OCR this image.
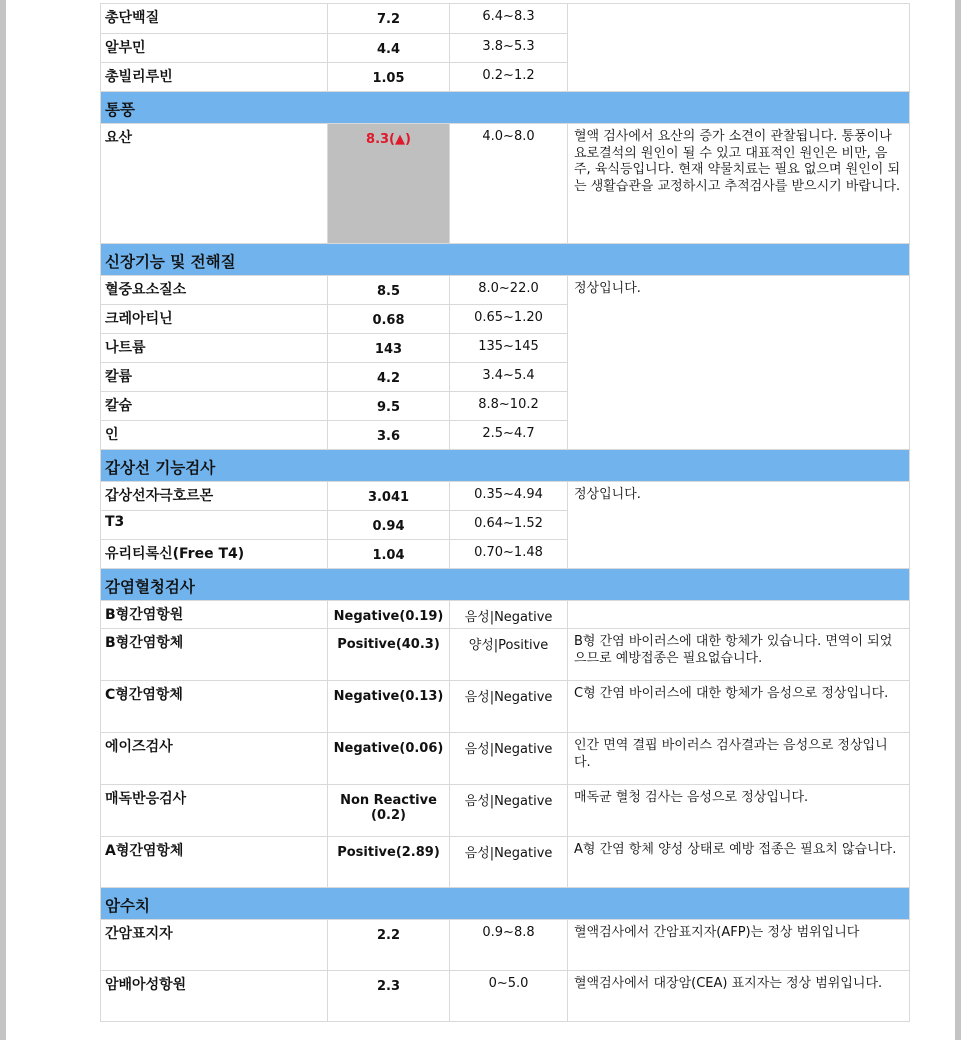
총단백질	7.2	6.4~8.3	
알부민	4.4	3.8~5.3	
총빌리루빈	1.05	0.2~1.2	
통풍			
요산	8.3(▲)	4.0~8.0	혈액 검사에서 요산의 증가 소견이 관찰됩니다. 통풍이나 요로결석의 원인이 될 수 있고 대표적인 원인은 비만, 음주, 육식등입니다. 현재 약물치료는 필요 없으며 원인이 되는 생활습관을 교정하시고 추적검사를 받으시기 바랍니다.
신장기능 및 전해질			
혈중요소질소	8.5	8.0~22.0	정상입니다.
크레아티닌	0.68	0.65~1.20	
나트륨	143	135~145	
칼륨	4.2	3.4~5.4	
칼슘	9.5	8.8~10.2	
인	3.6	2.5~4.7	
갑상선 기능검사			
갑상선자극호르몬	3.041	0.35~4.94	정상입니다.
T3	0.94	0.64~1.52	
유리티록신(Free T4)	1.04	0.70~1.48	
감염혈청검사			
B형간염항원	Negative(0.19)	음성|Negative	
B형간염항체	Positive(40.3)	양성|Positive	B형 간염 바이러스에 대한 항체가 있습니다. 면역이 되었으므로 예방접종은 필요없습니다.
C형간염항체	Negative(0.13)	음성|Negative	C형 간염 바이러스에 대한 항체가 음성으로 정상입니다.
에이즈검사	Negative(0.06)	음성|Negative	인간 면역 결핍 바이러스 검사결과는 음성으로 정상입니다.
매독반응검사	Non Reactive (0.2)	음성|Negative	매독균 혈청 검사는 음성으로 정상입니다.
A형간염항체	Positive(2.89)	음성|Negative	A형 간염 항체 양성 상태로 예방 접종은 필요치 않습니다.
암수치			
간암표지자	2.2	0.9~8.8	혈액검사에서 간암표지자(AFP)는 정상 범위입니다
암배아성항원	2.3	0~5.0	혈액검사에서 대장암(CEA) 표지자는 정상 범위입니다.
